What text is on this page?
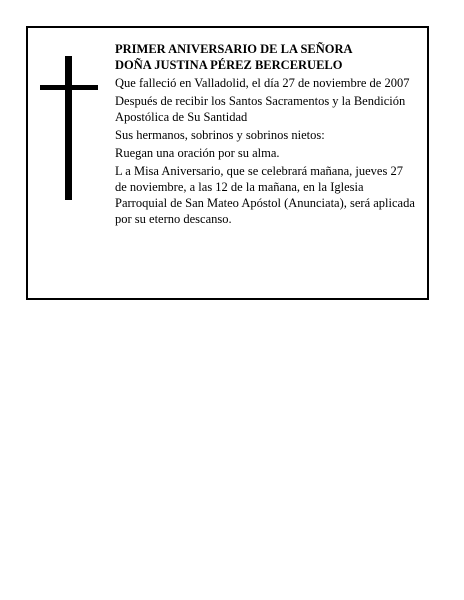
PRIMER ANIVERSARIO DE LA SEÑORA

DOÑA JUSTINA PÉREZ BERCERUELO

Que falleció en Valladolid, el día 27 de noviembre de 2007

Después de recibir los Santos Sacramentos y la Bendición Apostólica de Su Santidad

Sus hermanos, sobrinos y sobrinos nietos:

Ruegan una oración por su alma.

L a Misa Aniversario, que se celebrará mañana, jueves 27 de noviembre, a las 12 de la mañana, en la Iglesia Parroquial de San Mateo Apóstol (Anunciata), será aplicada por su eterno descanso.
